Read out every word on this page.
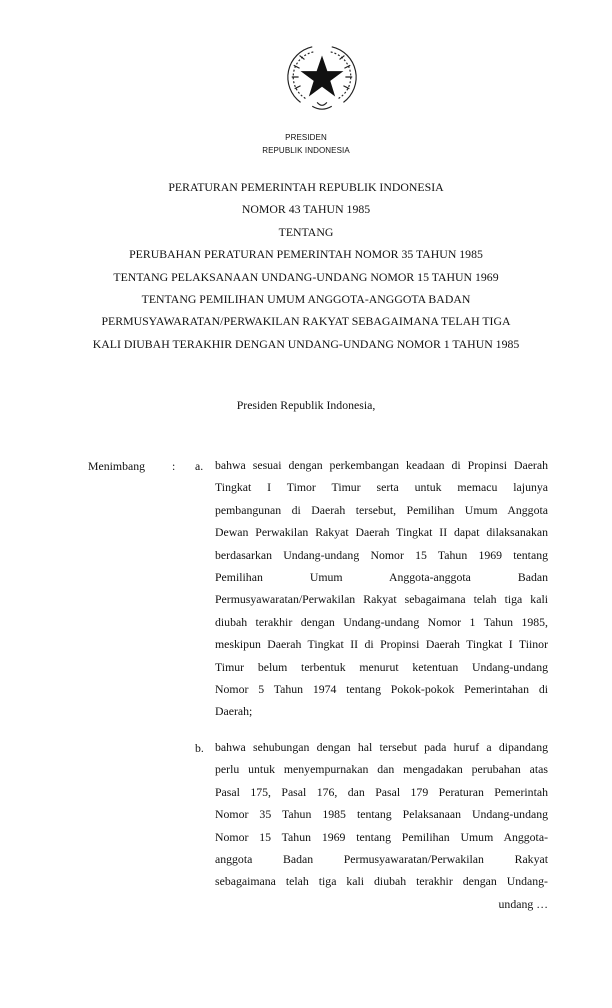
PRESIDEN
REPUBLIK INDONESIA
PERATURAN PEMERINTAH REPUBLIK INDONESIA
NOMOR 43 TAHUN 1985
TENTANG
PERUBAHAN PERATURAN PEMERINTAH NOMOR 35 TAHUN 1985
TENTANG PELAKSANAAN UNDANG-UNDANG NOMOR 15 TAHUN 1969
TENTANG PEMILIHAN UMUM ANGGOTA-ANGGOTA BADAN
PERMUSYAWARATAN/PERWAKILAN RAKYAT SEBAGAIMANA TELAH TIGA
KALI DIUBAH TERAKHIR DENGAN UNDANG-UNDANG NOMOR 1 TAHUN 1985
Presiden Republik Indonesia,
Menimbang : a.
b.
bahwa sesuai dengan perkembangan keadaan di Propinsi Daerah
Tingkat I Timor Timur serta untuk memacu lajunya
pembangunan di Daerah tersebut, Pemilihan Umum Anggota
Dewan Perwakilan Rakyat Daerah Tingkat II dapat dilaksanakan
berdasarkan Undang-undang Nomor 15 Tahun 1969 tentang
Pemilihan Umum Anggota-anggota Badan
Permusyawaratan/Perwakilan Rakyat sebagaimana telah tiga kali
diubah terakhir dengan Undang-undang Nomor 1 Tahun 1985,
meskipun Daerah Tingkat II di Propinsi Daerah Tingkat I Tiinor
Timur belum terbentuk menurut ketentuan Undang-undang
Nomor 5 Tahun 1974 tentang Pokok-pokok Pemerintahan di
Daerah;
bahwa sehubungan dengan hal tersebut pada huruf a dipandang
perlu untuk menyempurnakan dan mengadakan perubahan atas
Pasal 175, Pasal 176, dan Pasal 179 Peraturan Pemerintah
Nomor 35 Tahun 1985 tentang Pelaksanaan Undang-undang
Nomor 15 Tahun 1969 tentang Pemilihan Umum Anggota-
anggota Badan Permusyawaratan/Perwakilan Rakyat
sebagaimana telah tiga kali diubah terakhir dengan Undang-
undang …
